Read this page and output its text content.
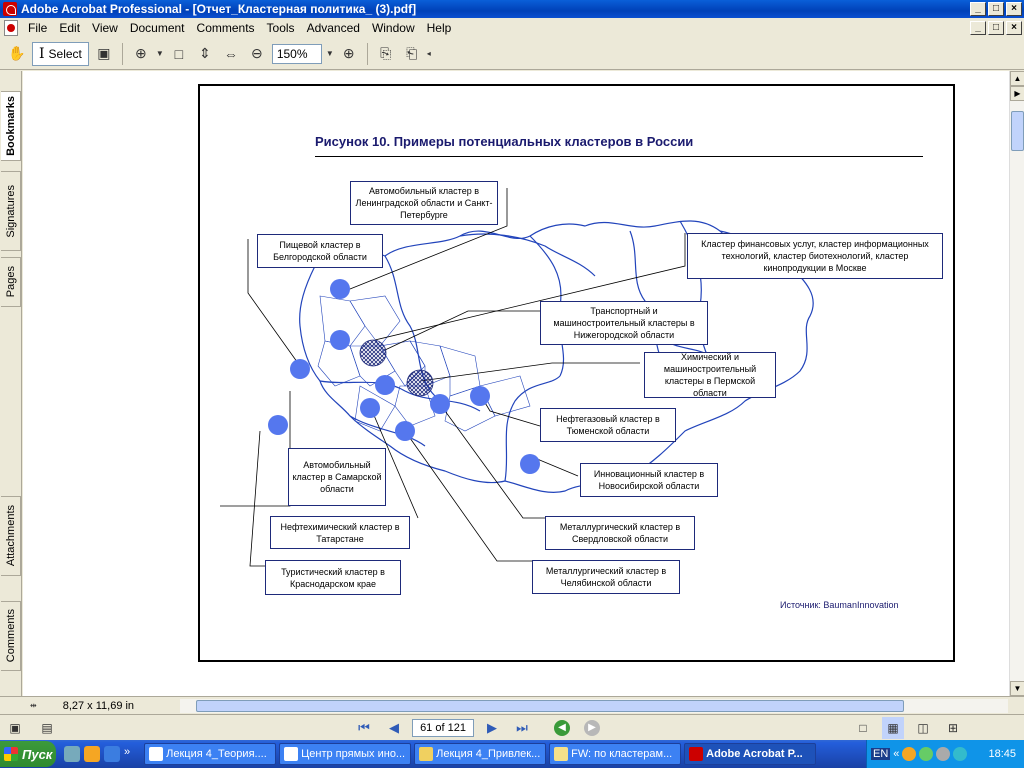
Adobe Acrobat Professional - [Отчет_Кластерная политика_ (3).pdf]	_	□	×
File	Edit	View	Document	Comments	Tools	Advanced	Window	Help	_	□	×
✋ I Select	▣	⊕	▼ □	⇕ ⇔ ⊖	150%	▼ ⊕	⎘	⎗	◂
Bookmarks
Signatures
Pages
Attachments
Comments
Рисунок 10. Примеры потенциальных кластеров в России
Автомобильный кластер в Ленинградской области и Санкт-Петербурге
Пищевой кластер в Белгородской области
Кластер финансовых услуг, кластер информационных технологий, кластер биотехнологий, кластер кинопродукции в Москве
Транспортный и машиностроительный кластеры в Нижегородской области
Химический и машиностроительный кластеры в Пермской области
Нефтегазовый кластер в Тюменской области
Автомобильный кластер в Самарской области
Инновационный кластер в Новосибирской области
Нефтехимический кластер в Татарстане
Металлургический кластер в Свердловской области
Туристический кластер в Краснодарском крае
Металлургический кластер в Челябинской области
Источник: BaumanInnovation
▲
▶
▼
⇹ 8,27 x 11,69 in
▣	▤	⏮	◀	61 of 121	▶	⏭	◀	▶	□	▦	◫	⊞
Пуск	»	Лекция 4_Теория....	Центр прямых ино...	Лекция 4_Привлек...	FW: по кластерам...	Adobe Acrobat P...	EN «	18:45
